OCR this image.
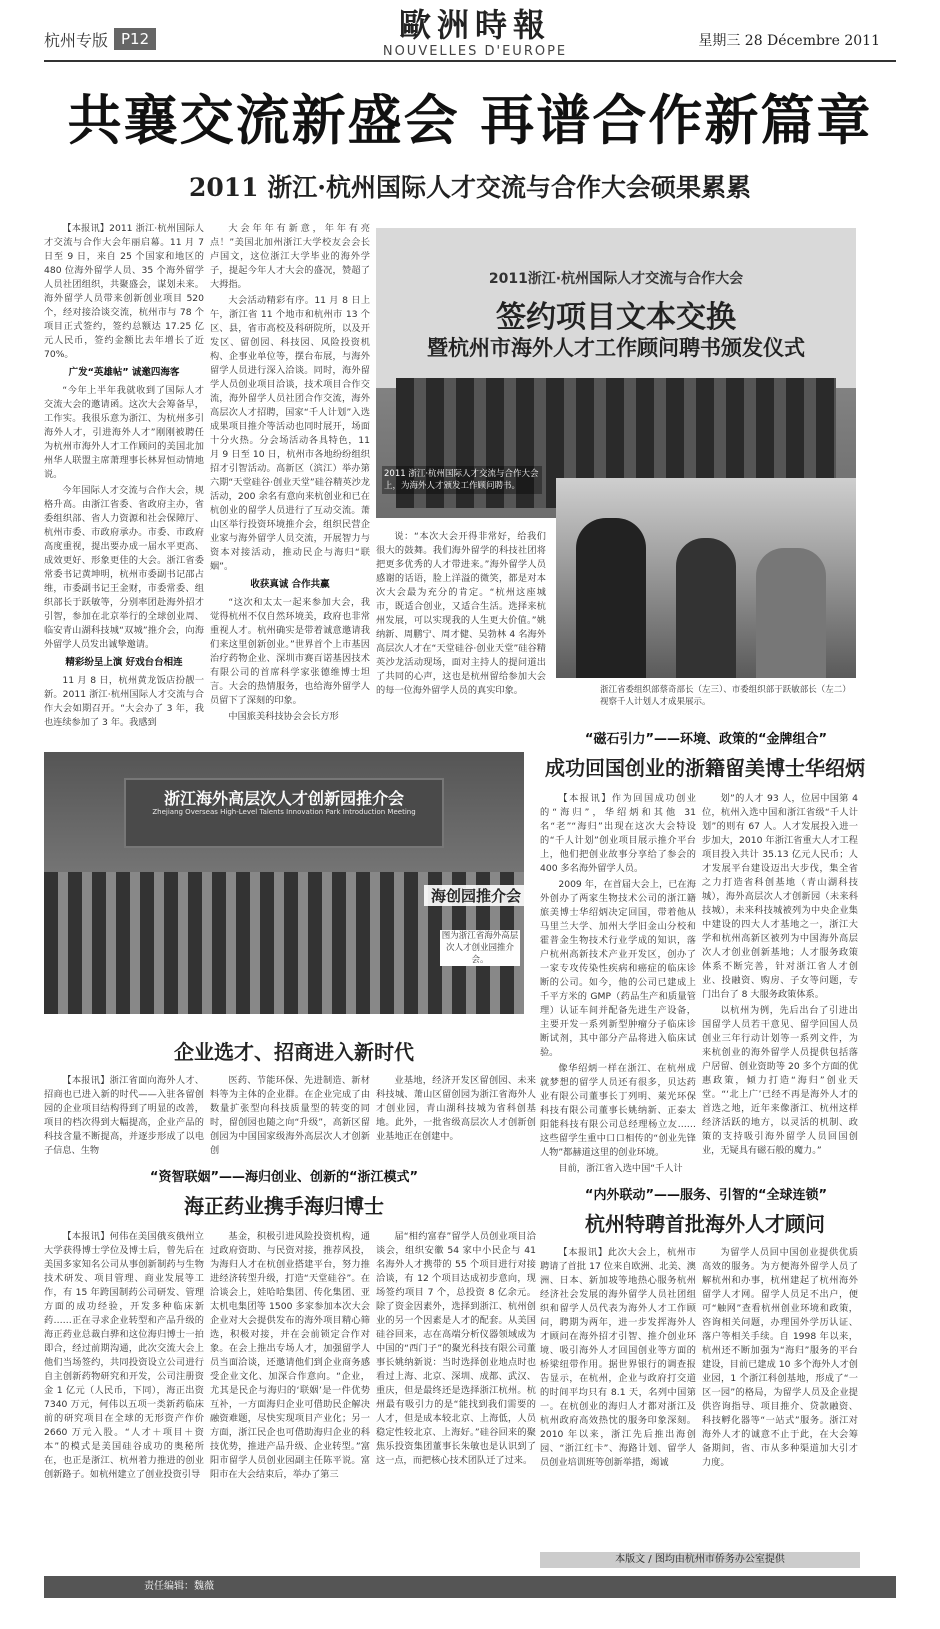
杭州专版 P12	歐洲時報
NOUVELLES D'EUROPE
星期三 28 Décembre 2011
共襄交流新盛会 再谱合作新篇章
2011 浙江·杭州国际人才交流与合作大会硕果累累

【本报讯】2011 浙江·杭州国际人才交流与合作大会年丽启幕。11 月 7 日至 9 日，来自 25 个国家和地区的 480 位海外留学人员、35 个海外留学人员社团组织，共聚盛会，谋划未来。海外留学人员带来创新创业项目 520 个，经对接洽谈交流，杭州市与 78 个项目正式签约，签约总额达 17.25 亿元人民币，签约金额比去年增长了近 70%。

广发“英雄帖” 诚邀四海客

“今年上半年我就收到了国际人才交流大会的邀请函。这次大会筹备早，工作实。我很乐意为浙江、为杭州多引海外人才，引进海外人才”刚刚被聘任为杭州市海外人才工作顾问的美国北加州华人联盟主席萧理事长林昇恒动情地说。

今年国际人才交流与合作大会，规格升高。由浙江省委、省政府主办，省委组织部、省人力资源和社会保障厅、杭州市委、市政府承办。市委、市政府高度重视，提出要办成一届水平更高、成效更好、形象更佳的大会。浙江省委常委书记黄坤明，杭州市委副书记邵占维，市委副书记王金财，市委常委、组织部长于跃敏等，分别率团赴海外招才引智，参加在北京举行的全球创业周、临安青山湖科技城“双城”推介会，向海外留学人员发出诚挚邀请。

精彩纷呈上演 好戏台台相连

11 月 8 日，杭州黄龙饭店扮靓一新。2011 浙江·杭州国际人才交流与合作大会如期召开。“大会办了 3 年，我也连续参加了 3 年。我感到

大会年年有新意，年年有亮点！”美国北加州浙江大学校友会会长卢国文，这位浙江大学毕业的海外学子，提起今年人才大会的盛况，赞超了大拇指。

大会活动精彩有序。11 月 8 日上午，浙江省 11 个地市和杭州市 13 个区、县，省市高校及科研院所，以及开发区、留创园、科技园、风险投资机构、企事业单位等，摆台布展，与海外留学人员进行深入洽谈。同时，海外留学人员创业项目洽谈，技术项目合作交流，海外留学人员社团合作交流，海外高层次人才招聘，国家“千人计划”入选成果项目推介等活动也同时展开，场面十分火热。分会场活动各具特色，11 月 9 日至 10 日，杭州市各地纷纷组织招才引智活动。高新区（滨江）举办第六期“天堂硅谷·创业天堂”硅谷精英沙龙活动，200 余名有意向来杭创业和已在杭创业的留学人员进行了互动交流。萧山区举行投资环境推介会，组织民营企业家与海外留学人员交流，开展智力与资本对接活动，推动民企与海归“联姻”。

收获真诚 合作共赢

“这次和太太一起来参加大会，我觉得杭州不仅自然环境美，政府也非常重视人才。杭州确实是带着诚意邀请我们来这里创新创业。”世界首个上市基因治疗药物企业、深圳市赛百诺基因技术有限公司的首席科学家张德维博士坦言。大会的热情服务，也给海外留学人员留下了深刻的印象。

中国旅美科技协会会长方形

说：“本次大会开得非常好，给我们很大的鼓舞。我们海外留学的科技社团将把更多优秀的人才带进来。”海外留学人员感谢的话语，脸上洋溢的微笑，都是对本次大会最为充分的肯定。“杭州这座城市，既适合创业，又适合生活。选择来杭州发展，可以实现我的人生更大价值。”姚纳新、周鹏宁、周才健、吴勃林 4 名海外高层次人才在“天堂硅谷·创业天堂”硅谷精英沙龙活动现场，面对主持人的提问道出了共同的心声，这也是杭州留给参加大会的每一位海外留学人员的真实印象。

2011浙江·杭州国际人才交流与合作大会
签约项目文本交换
暨杭州市海外人才工作顾问聘书颁发仪式
2011 浙江·杭州国际人才交流与合作大会上，为海外人才颁发工作顾问聘书。
浙江省委组织部蔡奇部长（左三）、市委组织部于跃敏部长（左二）视察千人计划人才成果展示。
浙江海外高层次人才创新园推介会
Zhejiang Overseas High-Level Talents Innovation Park Introduction Meeting
海创园推介会
图为浙江省海外高层次人才创业园推介会。
企业选才、招商进入新时代

【本报讯】浙江省面向海外人才、招商也已进入新的时代——入驻各留创园的企业项目结构得到了明显的改善，项目的档次得到大幅提高，企业产品的科技含量不断提高，并逐步形成了以电子信息、生物

医药、节能环保、先进制造、新材料等为主体的企业群。在企业完成了由数量扩张型向科技质量型的转变的同时，留创园也随之向“升级”，高新区留创园为中国国家级海外高层次人才创新创

业基地，经济开发区留创园、未来科技城、萧山区留创园为浙江省海外人才创业园，青山湖科技城为省科创基地。此外，一批省级高层次人才创新创业基地正在创建中。

“磁石引力”——环境、政策的“金牌组合”
成功回国创业的浙籍留美博士华绍炳

【本报讯】作为回国成功创业的“海归”，华绍炳和其他 31 名“老”“海归”出现在这次大会特设的“千人计划”创业项目展示推介平台上，他们把创业故事分享给了参会的 400 多名海外留学人员。

2009 年，在首届大会上，已在海外创办了两家生物技术公司的浙江籍旅美博士华绍炳决定回国，带着他从马里兰大学、加州大学旧金山分校和霍普金生物技术行业学成的知识，落户杭州高新技术产业开发区，创办了一家专攻传染性疾病和癌症的临床诊断的公司。如今，他的公司已建成上千平方米的 GMP（药品生产和质量管理）认证车间并配备先进生产设备，主要开发一系列新型肿瘤分子临床诊断试剂，其中部分产品将进入临床试验。

像华绍炳一样在浙江、在杭州成就梦想的留学人员还有很多，贝达药业有限公司董事长丁列明、萊光环保科技有限公司董事长姚纳新、正泰太阳能科技有限公司总经理杨立友……这些留学生重中口口相传的“创业先锋人物”都赫道这里的创业环境。

目前，浙江省入选中国“千人计

划”的人才 93 人，位居中国第 4 位，杭州入选中国和浙江省级“千人计划”的则有 67 人。人才发展投入进一步加大，2010 年浙江省重大人才工程项目投入共计 35.13 亿元人民币；人才发展平台建设迈出大步伐，集全省之力打造省科创基地（青山湖科技城），海外高层次人才创新园（未来科技城），未来科技城被列为中央企业集中建设的四大人才基地之一，浙江大学和杭州高新区被列为中国海外高层次人才创业创新基地；人才服务政策体系不断完善，针对浙江省人才创业、投融资、购房、子女等问题，专门出台了 8 大服务政策体系。

以杭州为例，先后出台了引进出国留学人员若干意见、留学回国人员创业三年行动计划等一系列文件，为来杭创业的海外留学人员提供包括落户居留、创业资助等 20 多个方面的优惠政策，倾力打造“海归”创业天堂。“‘北上广’已经不再是海外人才的首选之地，近年来像浙江、杭州这样经济活跃的地方，以灵活的机制、政策的支持吸引海外留学人员回国创业，无疑具有磁石般的魔力。”

“资智联姻”——海归创业、创新的“浙江模式”
海正药业携手海归博士

【本报讯】何伟在美国俄亥俄州立大学获得博士学位及博士后，曾先后在美国多家知名公司从事创新制药与生物技术研发、项目管理、商业发展等工作，有 15 年跨国制药公司研发、管理方面的成功经验，开发多种临床新药……正在寻求企业转型和产品升级的海正药业总裁白骅和这位海归博士一拍即合，经过前期沟通，此次交流大会上他们当场签约，共同投资设立公司进行自主创新药物研究和开发，公司注册资金 1 亿元（人民币，下同），海正出资 7340 万元，何伟以五项一类新药临床前的研究项目在全球的无形资产作价 2660 万元入股。“人才＋项目＋资本”的模式是美国硅谷成功的奥秘所在，也正是浙江、杭州着力推进的创业创新路子。如杭州建立了创业投资引导

基金，积极引进风险投资机构，通过政府资助、与民资对接，推荐风投，为海归人才在杭创业搭建平台，努力推进经济转型升级，打造“天堂硅谷”。在洽谈会上，娃哈哈集团、传化集团、亚太机电集团等 1500 多家参加本次大会企业对大会提供发布的海外项目精心筛选，积极对接，并在会前锁定合作对象。在会上推出专场人才，加强留学人员当面洽谈，还邀请他们到企业商务感受企业文化、加深合作意向。“企业，尤其是民企与海归的‘联姻’是一件优势互补，一方面海归企业可借助民企解决融资难题，尽快实现项目产业化；另一方面，浙江民企也可借助海归企业的科技优势，推进产品升级、企业转型。”富阳市留学人员创业园副主任陈平说。富阳市在大会结束后，举办了第三

届“相约富春”留学人员创业项目洽谈会，组织安徽 54 家中小民企与 41 名海外人才携带的 55 个项目进行对接洽谈，有 12 个项目达成初步意向，现场签约项目 7 个，总投资 8 亿余元。除了资金因素外，选择到浙江、杭州创业的另一个因素是人才的配套。从美国硅谷回来，志在高端分析仪器领域成为中国的“西门子”的聚光科技有限公司董事长姚纳新说：当时选择创业地点时也看过上海、北京、深圳、成都、武汉、重庆，但是最终还是选择浙江杭州。杭州最有吸引力的是“能找到我们需要的人才，但是成本较北京、上海低，人员稳定性较北京、上海好。”硅谷回来的聚焦乐投资集团董事长朱敏也是认识到了这一点，而把核心技术团队迁了过来。

“内外联动”——服务、引智的“全球连锁”
杭州特聘首批海外人才顾问

【本报讯】此次大会上，杭州市聘请了首批 17 位来自欧洲、北美、澳洲、日本、新加坡等地热心服务杭州经济社会发展的海外留学人员社团组织和留学人员代表为海外人才工作顾问，聘期为两年，进一步发挥海外人才顾问在海外招才引智、推介创业环境、吸引海外人才回国创业等方面的桥梁纽带作用。据世界银行的调查报告显示，在杭州，企业与政府打交道的时间平均只有 8.1 天，名列中国第一。在杭创业的海归人才都对浙江及杭州政府高效热忱的服务印象深刻。2010 年以来，浙江先后推出海创园、“浙江红卡”、海路计划、留学人员创业培训班等创新举措，竭诚

为留学人员回中国创业提供优质高效的服务。为方便海外留学人员了解杭州和办事，杭州建起了杭州海外留学人才网。留学人员足不出户，便可“触网”查看杭州创业环境和政策，咨询相关问题，办理国外学历认证、落户等相关手续。自 1998 年以来，杭州还不断加强为“海归”服务的平台建设，目前已建成 10 多个海外人才创业园，1 个浙江科创基地，形成了“一区一园”的格局，为留学人员及企业提供咨询指导、项目推介、贷款融资、科技孵化器等“一站式”服务。浙江对海外人才的诚意不止于此，在大会筹备期间，省、市从多种渠道加大引才力度。

本版文 / 图均由杭州市侨务办公室提供
责任编辑：魏薇
